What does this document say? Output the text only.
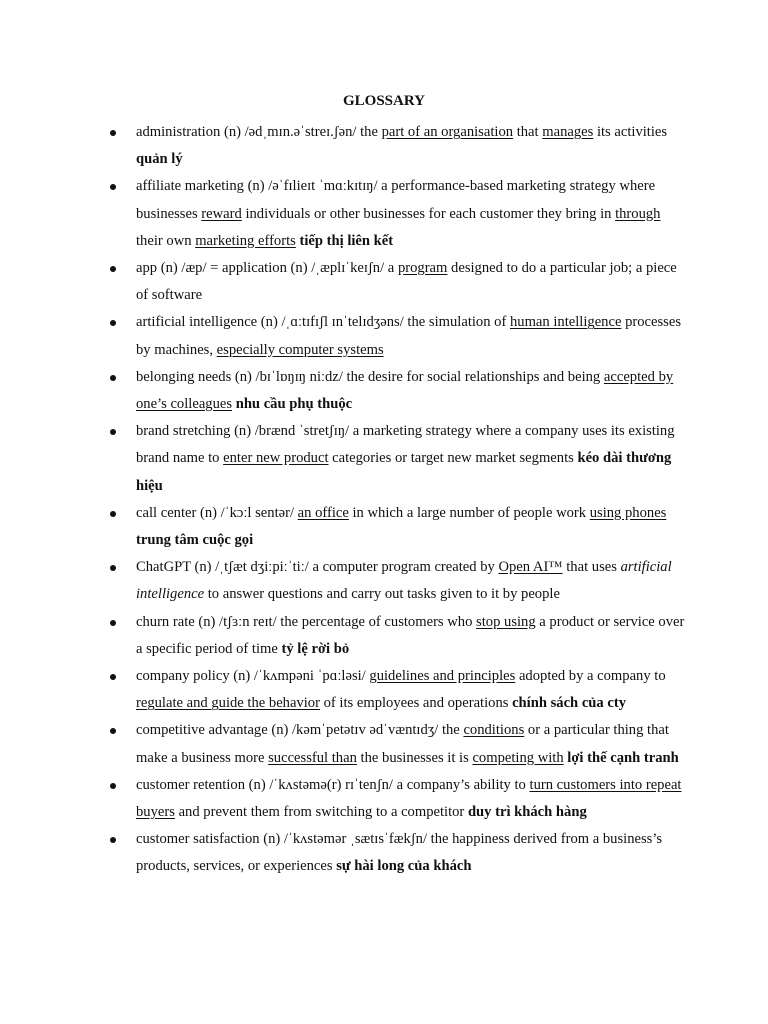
GLOSSARY
administration (n) /ədˌmɪn.əˈstreɪ.ʃən/ the part of an organisation that manages its activities quản lý
affiliate marketing (n) /əˈfɪlieɪt ˈmɑːkɪtɪŋ/ a performance-based marketing strategy where businesses reward individuals or other businesses for each customer they bring in through their own marketing efforts tiếp thị liên kết
app (n) /æp/ = application (n) /ˌæplɪˈkeɪʃn/ a program designed to do a particular job; a piece of software
artificial intelligence (n) /ˌɑːtɪfɪʃl ɪnˈtelɪdʒəns/ the simulation of human intelligence processes by machines, especially computer systems
belonging needs (n) /bɪˈlɒŋɪŋ niːdz/ the desire for social relationships and being accepted by one’s colleagues nhu cầu phụ thuộc
brand stretching (n) /brænd ˈstretʃɪŋ/ a marketing strategy where a company uses its existing brand name to enter new product categories or target new market segments kéo dài thương hiệu
call center (n) /ˈkɔːl sentər/ an office in which a large number of people work using phones trung tâm cuộc gọi
ChatGPT (n) /ˌtʃæt dʒiːpiːˈtiː/ a computer program created by Open AI™ that uses artificial intelligence to answer questions and carry out tasks given to it by people
churn rate (n) /tʃɜːn reɪt/ the percentage of customers who stop using a product or service over a specific period of time tỷ lệ rời bỏ
company policy (n) /ˈkʌmpəni ˈpɑːləsi/ guidelines and principles adopted by a company to regulate and guide the behavior of its employees and operations chính sách của cty
competitive advantage (n) /kəmˈpetətɪv ədˈvæntɪdʒ/ the conditions or a particular thing that make a business more successful than the businesses it is competing with lợi thế cạnh tranh
customer retention (n) /ˈkʌstəmə(r) rɪˈtenʃn/ a company’s ability to turn customers into repeat buyers and prevent them from switching to a competitor duy trì khách hàng
customer satisfaction (n) /ˈkʌstəmər ˌsætɪsˈfækʃn/ the happiness derived from a business’s products, services, or experiences sự hài long của khách
